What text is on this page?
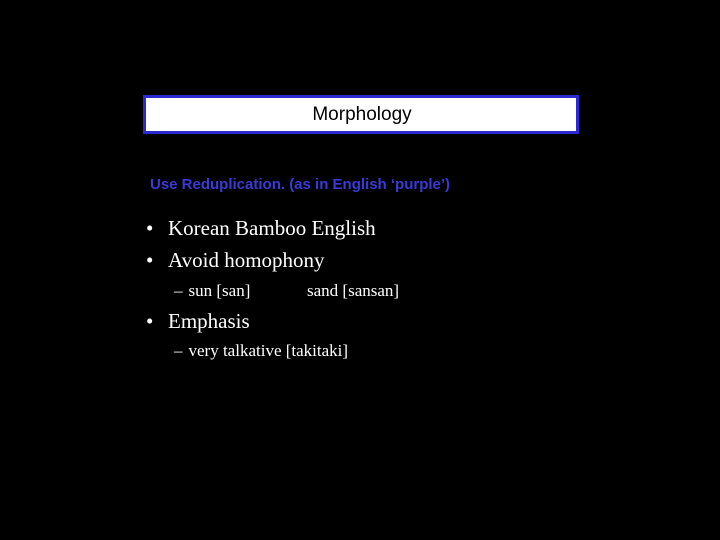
Morphology
Use Reduplication. (as in English ‘purple’)
• Korean Bamboo English
• Avoid homophony
– sun [san]	sand [sansan]
• Emphasis
– very talkative [takitaki]
